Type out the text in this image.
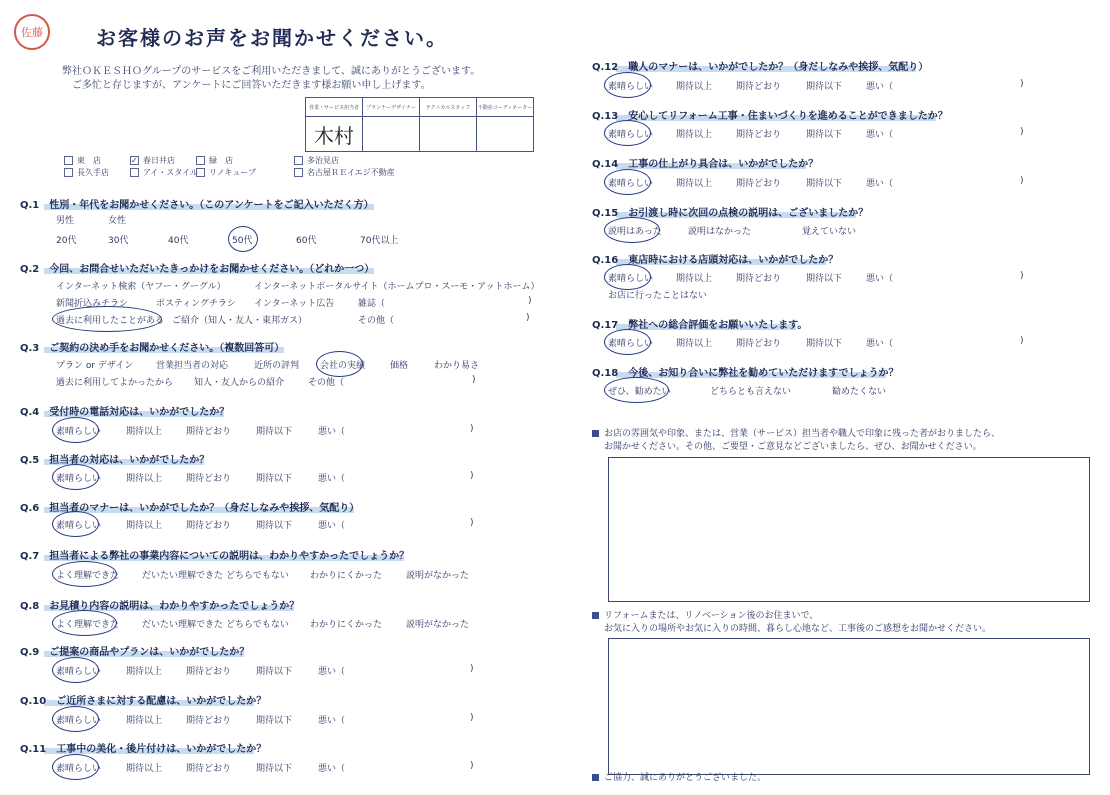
佐藤	お客様のお声をお聞かせください。
弊社ＯＫＥＳＨＯグループのサービスをご利用いただきまして、誠にありがとうございます。
ご多忙と存じますが、アンケートにご回答いただきます様お願い申し上げます。
営業・サービス担当者	プランナーデザイナー	テクニカルスタッフ	不動産コーディネーター
木村			
東　店	✓ 春日井店	緑　店	多治見店
長久手店	アイ・スタイル	リノキューブ	名古屋ＲＥイエジ不動産
Q.1 性別・年代をお聞かせください。（このアンケートをご記入いただく方）
男性	女性
20代	30代	40代	50代	60代	70代以上
Q.2 今回、お問合せいただいたきっかけをお聞かせください。（どれか一つ）
インターネット検索（ヤフー・グーグル）	インターネットポータルサイト（ホームプロ・スーモ・アットホーム）
新聞折込みチラシ	ポスティングチラシ インターネット広告	雑誌（	)
過去に利用したことがある ご紹介（知人・友人・東邦ガス）	その他（	)
Q.3 ご契約の決め手をお聞かせください。（複数回答可）
プラン or デザイン	営業担当者の対応	近所の評判 会社の実績	価格	わかり易さ
過去に利用してよかったから 知人・友人からの紹介	その他（	)
Q.4 受付時の電話対応は、いかがでしたか？
素晴らしい	期待以上	期待どおり	期待以下	悪い（	)
Q.5 担当者の対応は、いかがでしたか？
素晴らしい	期待以上	期待どおり	期待以下	悪い（	)
Q.6 担当者のマナーは、いかがでしたか？（身だしなみや挨拶、気配り）
素晴らしい	期待以上	期待どおり	期待以下	悪い（	)
Q.7 担当者による弊社の事業内容についての説明は、わかりやすかったでしょうか？
よく理解できた	だいたい理解できた どちらでもない わかりにくかった	説明がなかった
Q.8 お見積り内容の説明は、わかりやすかったでしょうか？
よく理解できた	だいたい理解できた どちらでもない わかりにくかった	説明がなかった
Q.9 ご提案の商品やプランは、いかがでしたか？
素晴らしい	期待以上	期待どおり	期待以下	悪い（	)
Q.10 ご近所さまに対する配慮は、いかがでしたか？
素晴らしい	期待以上	期待どおり	期待以下	悪い（	)
Q.11 工事中の美化・後片付けは、いかがでしたか？
素晴らしい	期待以上	期待どおり	期待以下	悪い（	)
Q.12 職人のマナーは、いかがでしたか？（身だしなみや挨拶、気配り）
素晴らしい	期待以上	期待どおり	期待以下	悪い（	)
Q.13 安心してリフォーム工事・住まいづくりを進めることができましたか？
素晴らしい	期待以上	期待どおり	期待以下	悪い（	)
Q.14 工事の仕上がり具合は、いかがでしたか？
素晴らしい	期待以上	期待どおり	期待以下	悪い（	)
Q.15 お引渡し時に次回の点検の説明は、ございましたか？
説明はあった	説明はなかった	覚えていない
Q.16 東店時における店頭対応は、いかがでしたか？
素晴らしい	期待以上	期待どおり	期待以下	悪い（	)
お店に行ったことはない
Q.17 弊社への総合評価をお願いいたします。
素晴らしい	期待以上	期待どおり	期待以下	悪い（	)
Q.18 今後、お知り合いに弊社を勧めていただけますでしょうか？
ぜひ、勧めたい	どちらとも言えない	勧めたくない
お店の雰囲気や印象、または、営業（サービス）担当者や職人で印象に残った者がおりましたら、
お聞かせください。その他、ご要望・ご意見などございましたら、ぜひ、お聞かせください。
リフォームまたは、リノベーション後のお住まいで、
お気に入りの場所やお気に入りの時間、暮らし心地など、工事後のご感想をお聞かせください。
ご協力、誠にありがとうございました。
